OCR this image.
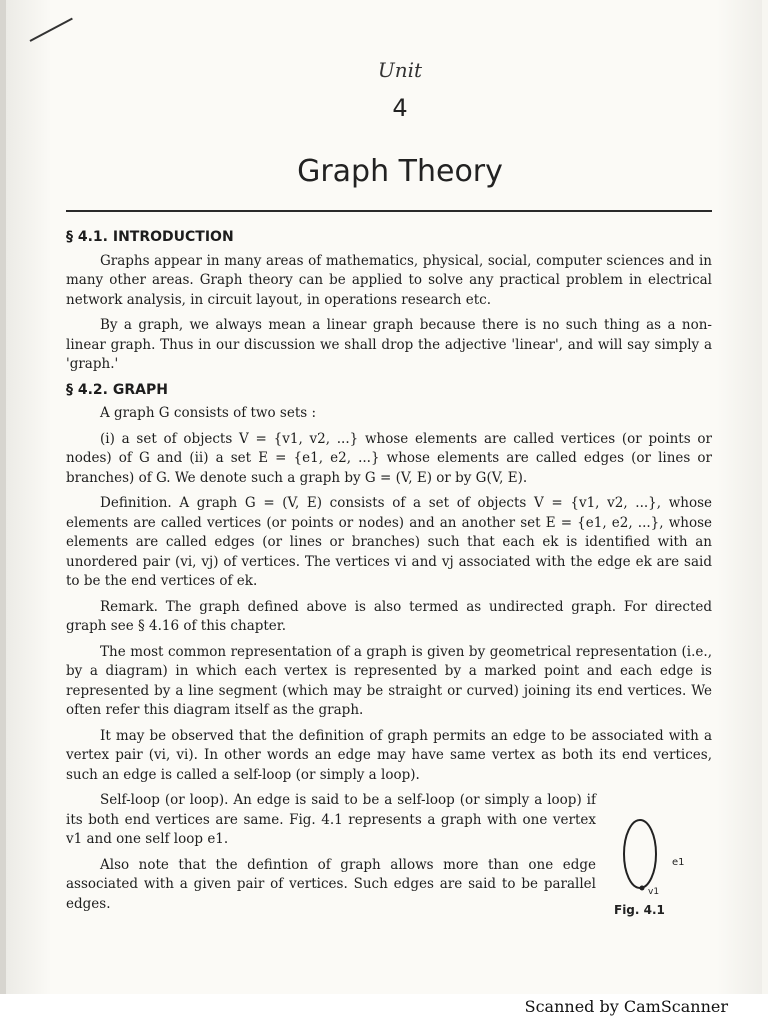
Unit
4
Graph Theory
§ 4.1. INTRODUCTION

Graphs appear in many areas of mathematics, physical, social, computer sciences and in many other areas. Graph theory can be applied to solve any practical problem in electrical network analysis, in circuit layout, in operations research etc.

By a graph, we always mean a linear graph because there is no such thing as a non-linear graph. Thus in our discussion we shall drop the adjective 'linear', and will say simply a 'graph.'

§ 4.2. GRAPH

A graph G consists of two sets :

(i) a set of objects V = {v1, v2, ...} whose elements are called vertices (or points or nodes) of G and (ii) a set E = {e1, e2, ...} whose elements are called edges (or lines or branches) of G. We denote such a graph by G = (V, E) or by G(V, E).

Definition. A graph G = (V, E) consists of a set of objects V = {v1, v2, ...}, whose elements are called vertices (or points or nodes) and an another set E = {e1, e2, ...}, whose elements are called edges (or lines or branches) such that each ek is identified with an unordered pair (vi, vj) of vertices. The vertices vi and vj associated with the edge ek are said to be the end vertices of ek.

Remark. The graph defined above is also termed as undirected graph. For directed graph see § 4.16 of this chapter.

The most common representation of a graph is given by geometrical representation (i.e., by a diagram) in which each vertex is represented by a marked point and each edge is represented by a line segment (which may be straight or curved) joining its end vertices. We often refer this diagram itself as the graph.

It may be observed that the definition of graph permits an edge to be associated with a vertex pair (vi, vi). In other words an edge may have same vertex as both its end vertices, such an edge is called a self-loop (or simply a loop).

Self-loop (or loop). An edge is said to be a self-loop (or simply a loop) if its both end vertices are same. Fig. 4.1 represents a graph with one vertex v1 and one self loop e1.

Also note that the defintion of graph allows more than one edge associated with a given pair of vertices. Such edges are said to be parallel edges.

e1
v1
Fig. 4.1
Scanned by CamScanner
